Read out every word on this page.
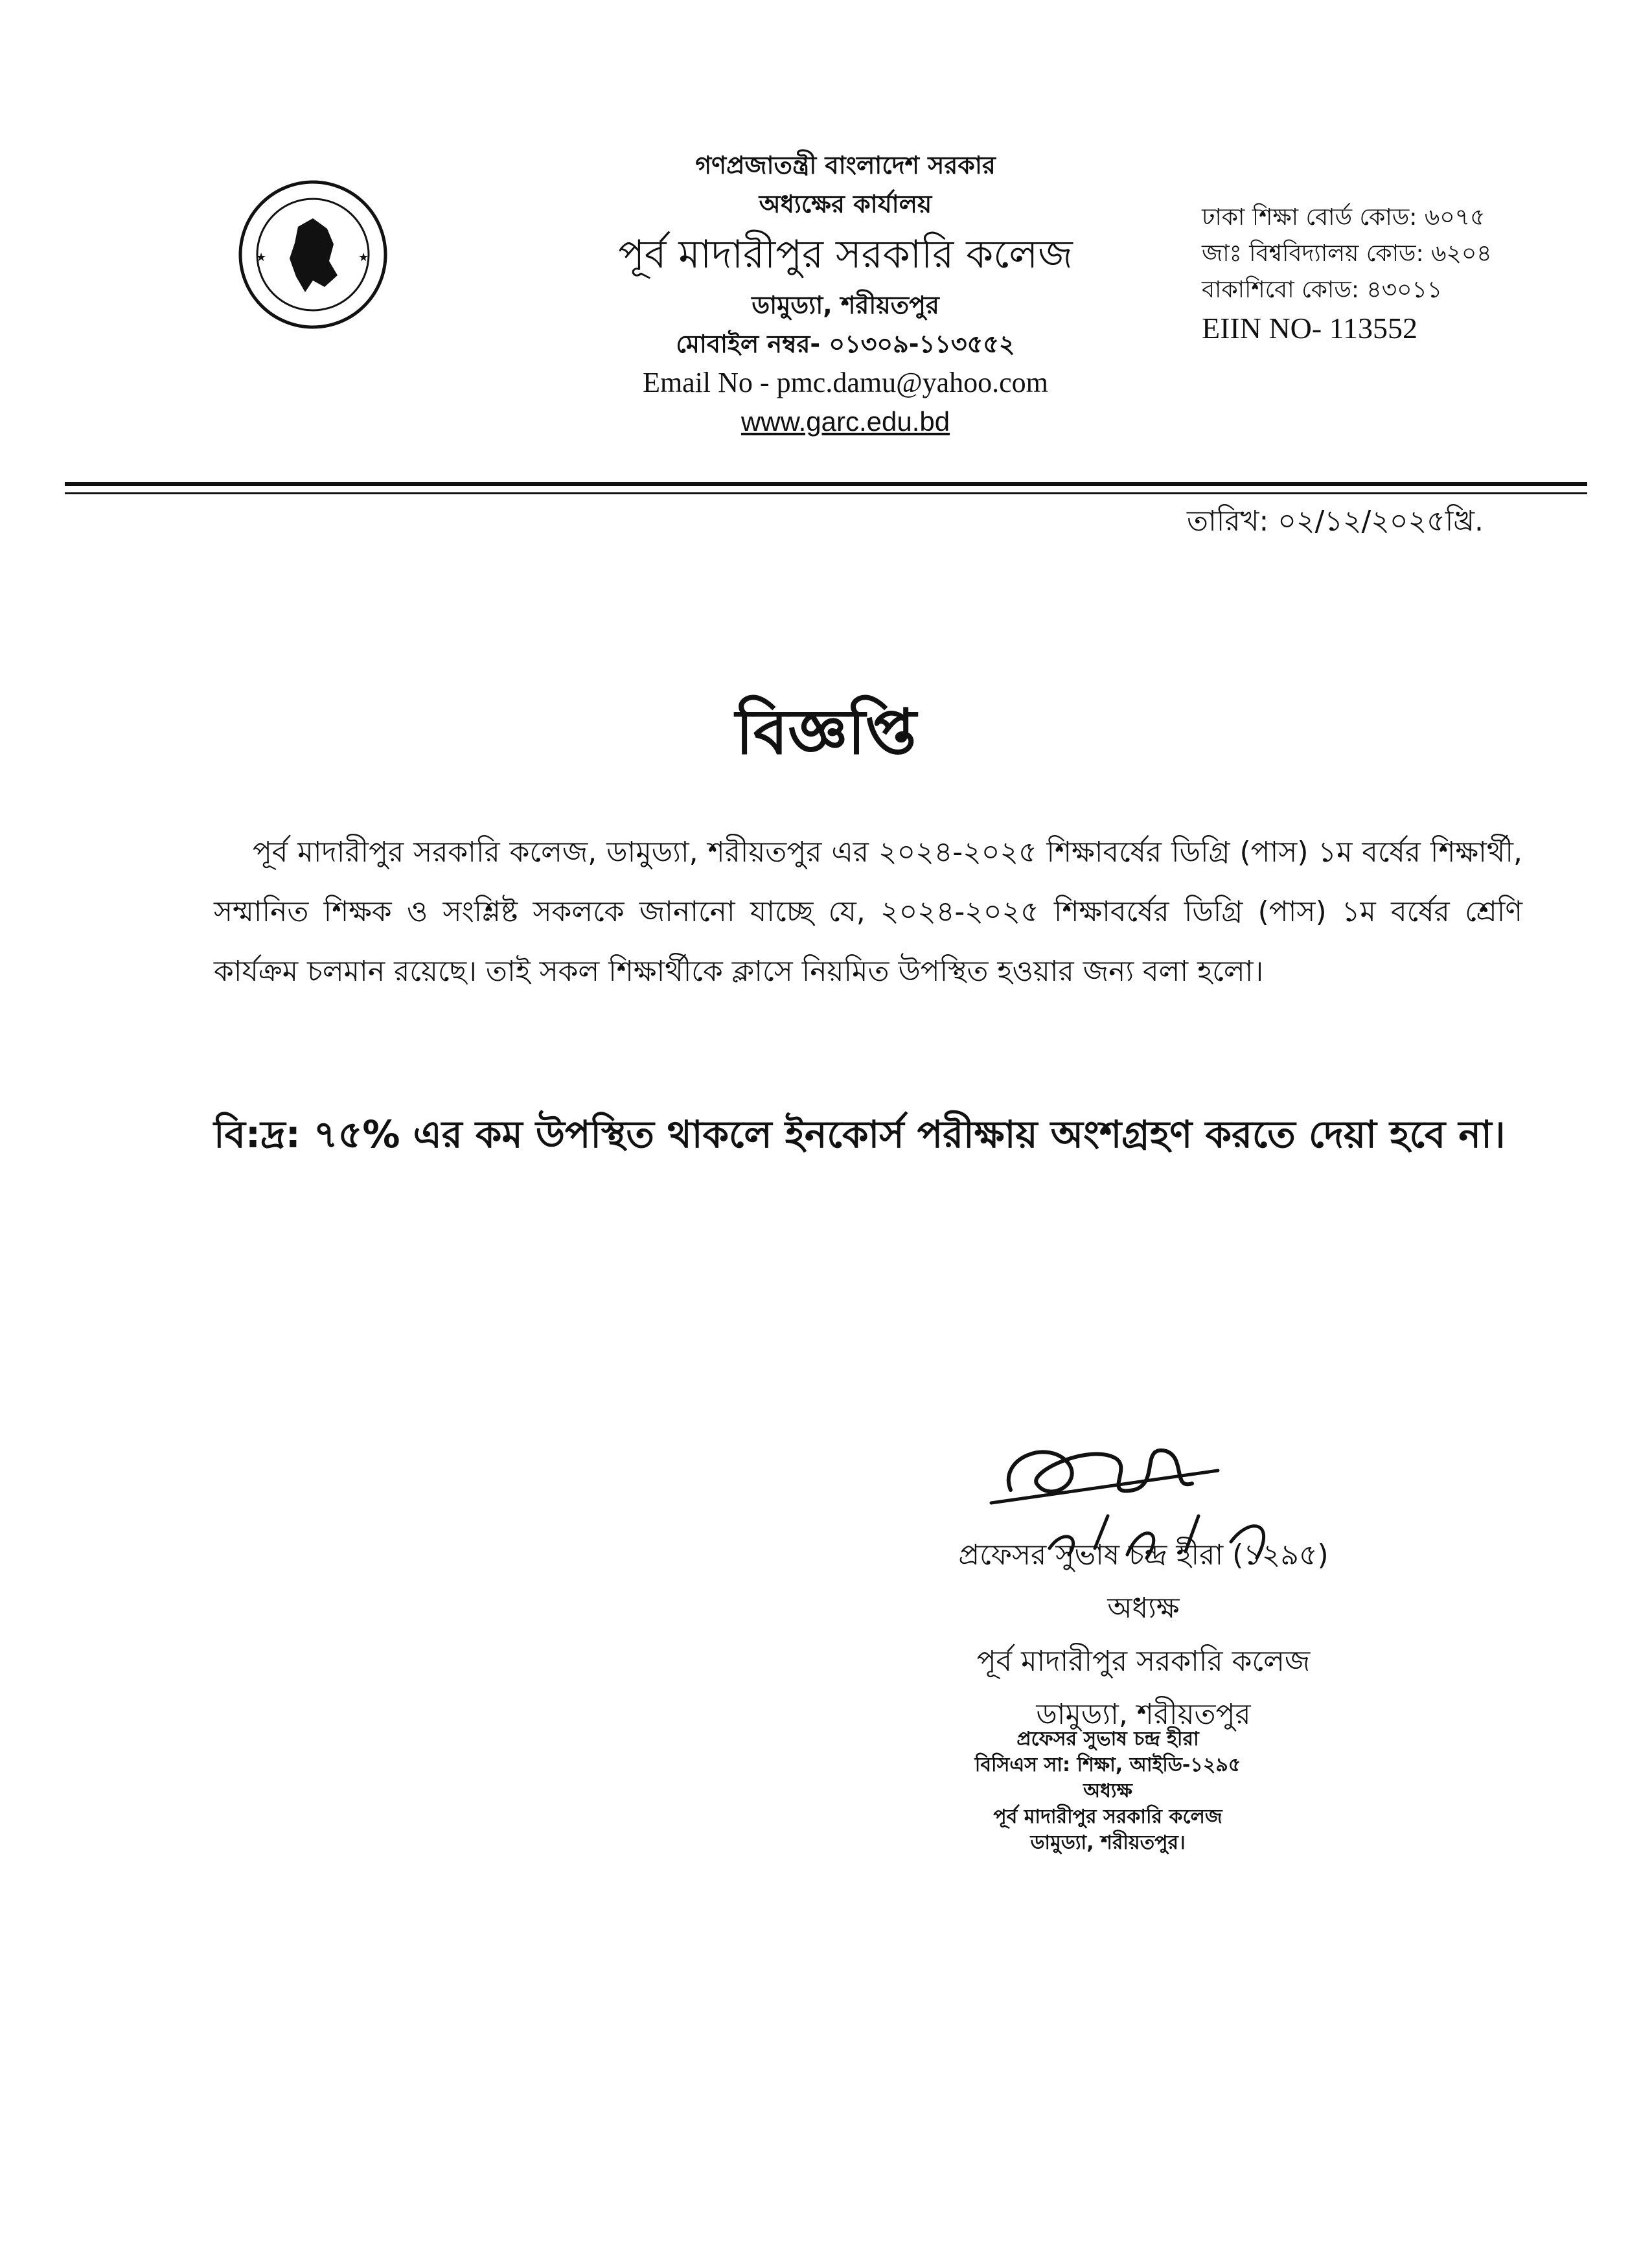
★	★
গণপ্রজাতন্ত্রী বাংলাদেশ সরকার
অধ্যক্ষের কার্যালয়
পূর্ব মাদারীপুর সরকারি কলেজ
ডামুড্যা, শরীয়তপুর
মোবাইল নম্বর- ০১৩০৯-১১৩৫৫২
Email No - pmc.damu@yahoo.com
www.garc.edu.bd
ঢাকা শিক্ষা বোর্ড কোড: ৬০৭৫
জাঃ বিশ্ববিদ্যালয় কোড: ৬২০৪
বাকাশিবো কোড: ৪৩০১১
EIIN NO- 113552
তারিখ: ০২/১২/২০২৫খ্রি.
বিজ্ঞপ্তি

পূর্ব মাদারীপুর সরকারি কলেজ, ডামুড্যা, শরীয়তপুর এর ২০২৪-২০২৫ শিক্ষাবর্ষের ডিগ্রি (পাস) ১ম বর্ষের শিক্ষার্থী, সম্মানিত শিক্ষক ও সংশ্লিষ্ট সকলকে জানানো যাচ্ছে যে, ২০২৪-২০২৫ শিক্ষাবর্ষের ডিগ্রি (পাস) ১ম বর্ষের শ্রেণি কার্যক্রম চলমান রয়েছে। তাই সকল শিক্ষার্থীকে ক্লাসে নিয়মিত উপস্থিত হওয়ার জন্য বলা হলো।

বি:দ্র: ৭৫% এর কম উপস্থিত থাকলে ইনকোর্স পরীক্ষায় অংশগ্রহণ করতে দেয়া হবে না।
প্রফেসর সুভাষ চন্দ্র হীরা (১২৯৫)
অধ্যক্ষ
পূর্ব মাদারীপুর সরকারি কলেজ
ডামুড্যা, শরীয়তপুর
প্রফেসর সুভাষ চন্দ্র হীরা
বিসিএস সা: শিক্ষা, আইডি-১২৯৫
অধ্যক্ষ
পূর্ব মাদারীপুর সরকারি কলেজ
ডামুড্যা, শরীয়তপুর।
